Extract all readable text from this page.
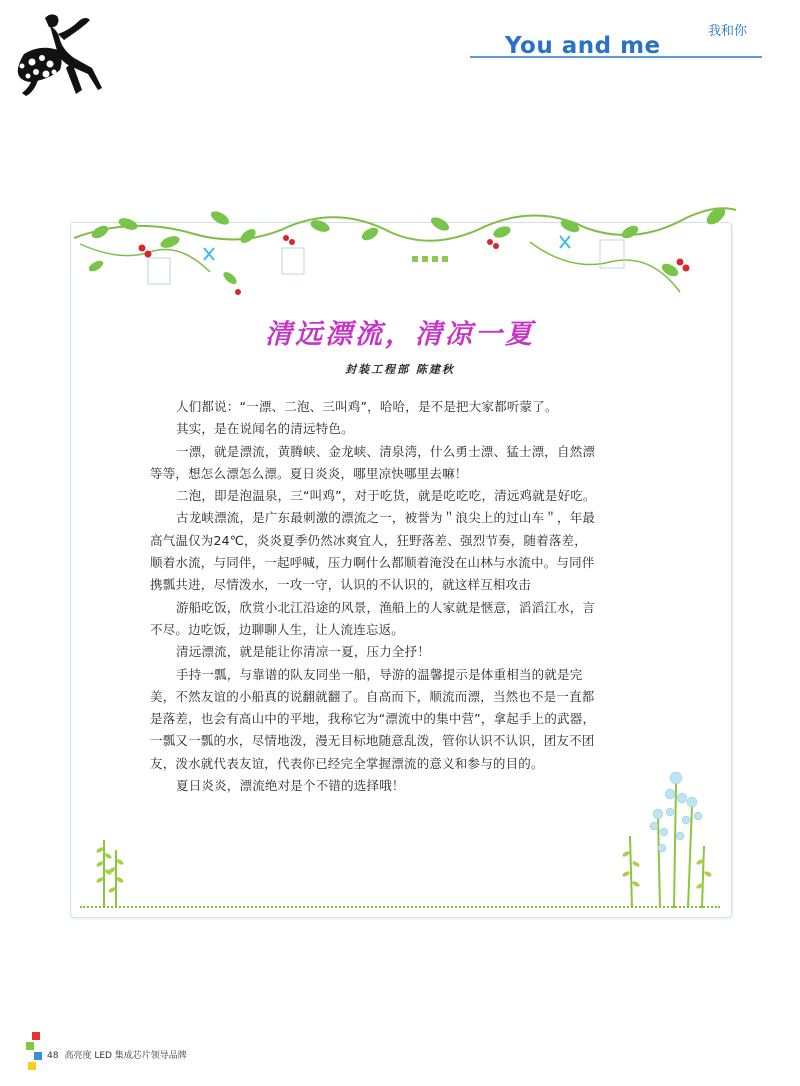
我和你
You and me
清远漂流，清凉一夏
封装工程部 陈建秋

人们都说：“一漂、二泡、三叫鸡”，哈哈，是不是把大家都听蒙了。

其实，是在说闻名的清远特色。

一漂，就是漂流，黄腾峡、金龙峡、清泉湾，什么勇士漂、猛士漂，自然漂等等，想怎么漂怎么漂。夏日炎炎，哪里凉快哪里去嘛！

二泡，即是泡温泉，三“叫鸡”，对于吃货，就是吃吃吃，清远鸡就是好吃。

古龙峡漂流，是广东最刺激的漂流之一，被誉为＂浪尖上的过山车＂，年最高气温仅为24℃，炎炎夏季仍然冰爽宜人，狂野落差、强烈节奏，随着落差，顺着水流，与同伴，一起呼喊，压力啊什么都顺着淹没在山林与水流中。与同伴携瓢共进，尽情泼水，一攻一守，认识的不认识的，就这样互相攻击

游船吃饭，欣赏小北江沿途的风景，渔船上的人家就是惬意，滔滔江水，言不尽。边吃饭，边聊聊人生，让人流连忘返。

清远漂流，就是能让你清凉一夏，压力全抒！

手持一瓢，与靠谱的队友同坐一船，导游的温馨提示是体重相当的就是完美，不然友谊的小船真的说翻就翻了。自高而下，顺流而漂，当然也不是一直都是落差，也会有高山中的平地，我称它为“漂流中的集中营”，拿起手上的武器，一瓢又一瓢的水，尽情地泼，漫无目标地随意乱泼，管你认识不认识，团友不团友，泼水就代表友谊，代表你已经完全掌握漂流的意义和参与的目的。

夏日炎炎，漂流绝对是个不错的选择哦！

48 高亮度 LED 集成芯片领导品牌
